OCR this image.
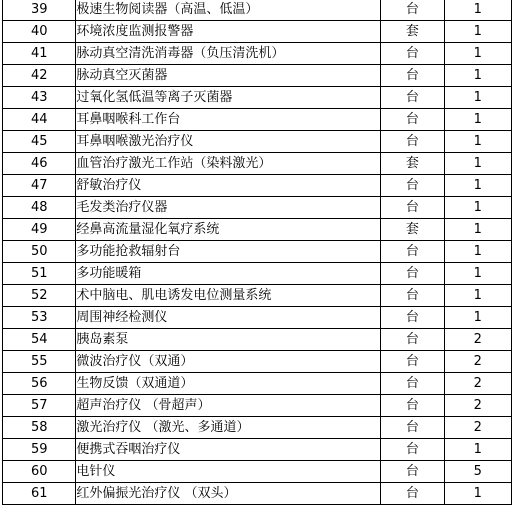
39	极速生物阅读器（高温、低温）	台	1
40	环境浓度监测报警器	套	1
41	脉动真空清洗消毒器（负压清洗机）	台	1
42	脉动真空灭菌器	台	1
43	过氧化氢低温等离子灭菌器	台	1
44	耳鼻咽喉科工作台	台	1
45	耳鼻咽喉激光治疗仪	台	1
46	血管治疗激光工作站（染料激光）	套	1
47	舒敏治疗仪	台	1
48	毛发类治疗仪器	台	1
49	经鼻高流量湿化氧疗系统	套	1
50	多功能抢救辐射台	台	1
51	多功能暖箱	台	1
52	术中脑电、肌电诱发电位测量系统	台	1
53	周围神经检测仪	台	1
54	胰岛素泵	台	2
55	微波治疗仪（双通）	台	2
56	生物反馈（双通道）	台	2
57	超声治疗仪 （骨超声）	台	2
58	激光治疗仪 （激光、多通道）	台	2
59	便携式吞咽治疗仪	台	1
60	电针仪	台	5
61	红外偏振光治疗仪 （双头）	台	1
